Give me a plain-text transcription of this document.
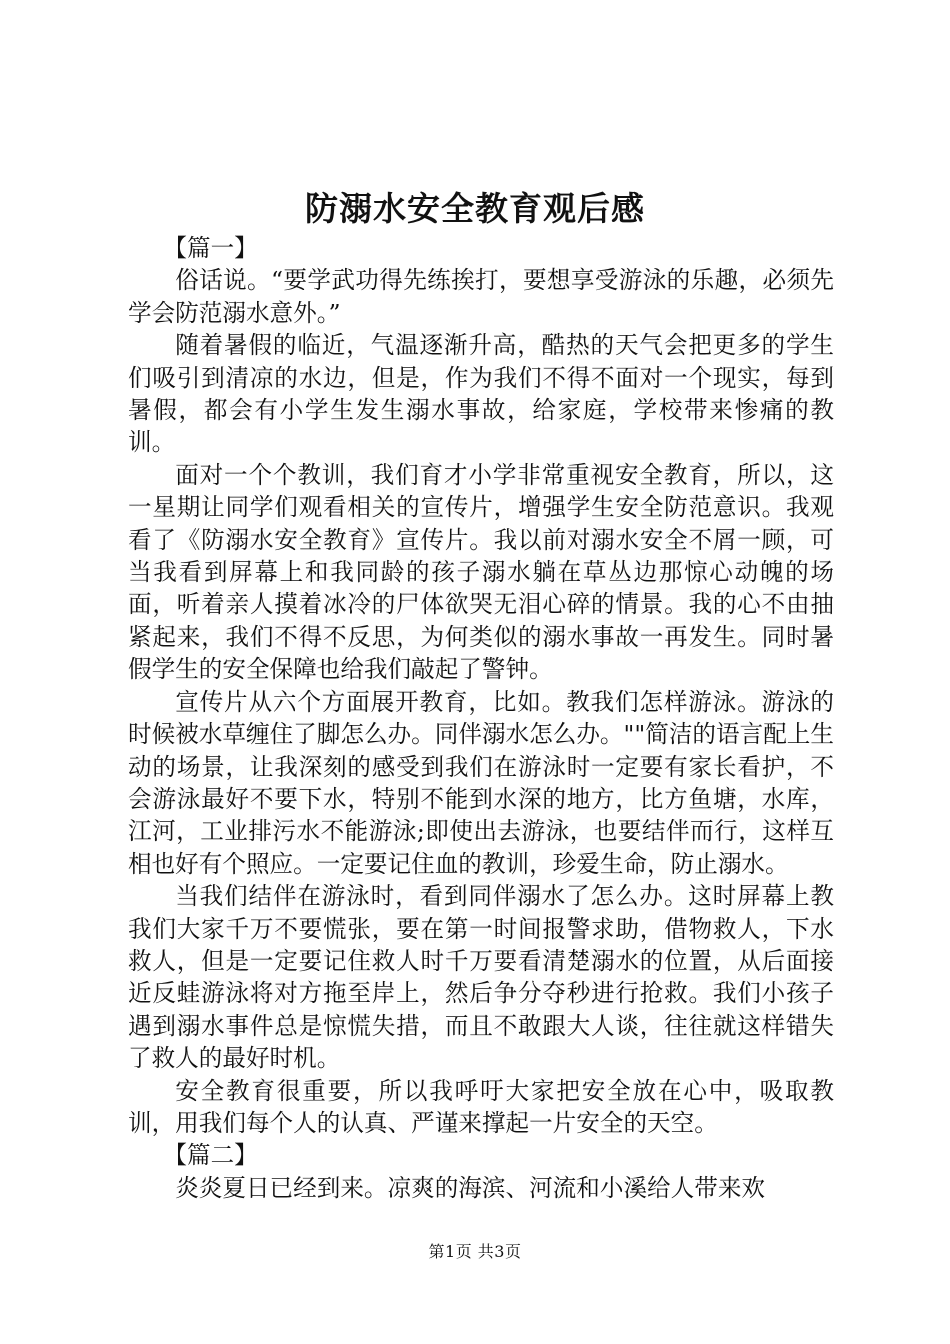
防溺水安全教育观后感

【篇一】

俗话说。“要学武功得先练挨打，要想享受游泳的乐趣，必须先学会防范溺水意外。”

随着暑假的临近，气温逐渐升高，酷热的天气会把更多的学生们吸引到清凉的水边，但是，作为我们不得不面对一个现实，每到暑假，都会有小学生发生溺水事故，给家庭，学校带来惨痛的教训。

面对一个个教训，我们育才小学非常重视安全教育，所以，这一星期让同学们观看相关的宣传片，增强学生安全防范意识。我观看了《防溺水安全教育》宣传片。我以前对溺水安全不屑一顾，可当我看到屏幕上和我同龄的孩子溺水躺在草丛边那惊心动魄的场面，听着亲人摸着冰冷的尸体欲哭无泪心碎的情景。我的心不由抽紧起来，我们不得不反思，为何类似的溺水事故一再发生。同时暑假学生的安全保障也给我们敲起了警钟。

宣传片从六个方面展开教育，比如。教我们怎样游泳。游泳的时候被水草缠住了脚怎么办。同伴溺水怎么办。""简洁的语言配上生动的场景，让我深刻的感受到我们在游泳时一定要有家长看护，不会游泳最好不要下水，特别不能到水深的地方，比方鱼塘，水库，江河，工业排污水不能游泳;即使出去游泳，也要结伴而行，这样互相也好有个照应。一定要记住血的教训，珍爱生命，防止溺水。

当我们结伴在游泳时，看到同伴溺水了怎么办。这时屏幕上教我们大家千万不要慌张，要在第一时间报警求助，借物救人，下水救人，但是一定要记住救人时千万要看清楚溺水的位置，从后面接近反蛙游泳将对方拖至岸上，然后争分夺秒进行抢救。我们小孩子遇到溺水事件总是惊慌失措，而且不敢跟大人谈，往往就这样错失了救人的最好时机。

安全教育很重要，所以我呼吁大家把安全放在心中，吸取教训，用我们每个人的认真、严谨来撑起一片安全的天空。

【篇二】

炎炎夏日已经到来。凉爽的海滨、河流和小溪给人带来欢

第1页 共3页
